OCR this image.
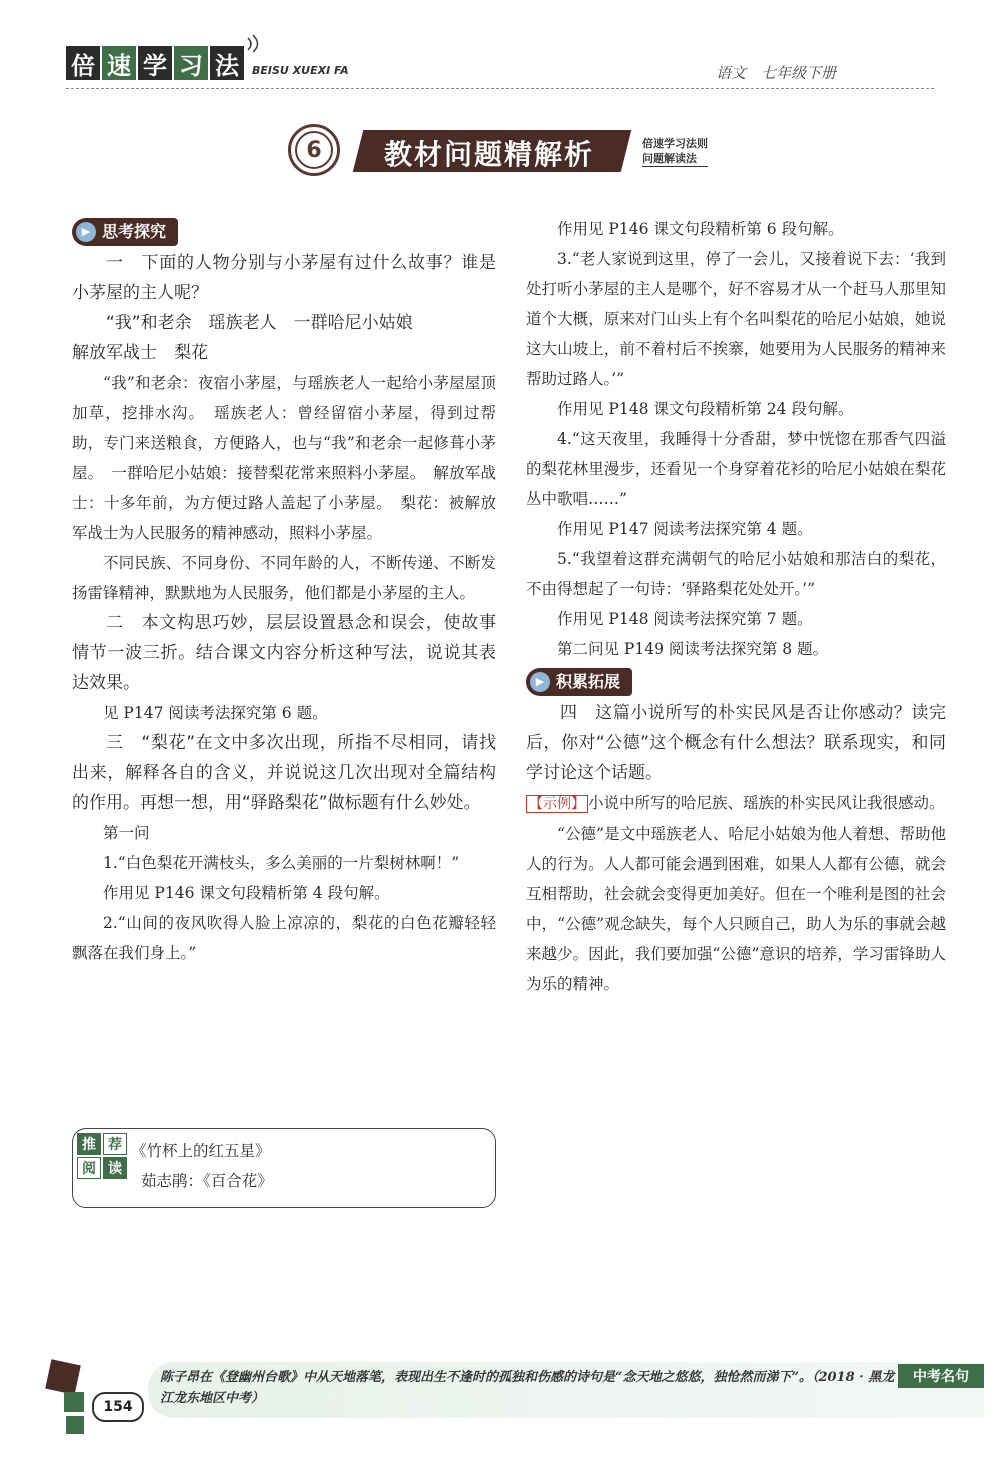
倍 速 学 习 法	BEISU XUEXI FA	语文　七年级下册
6	教材问题精解析	倍速学习法则
问题解读法
▶ 思考探究

一　下面的人物分别与小茅屋有过什么故事？谁是小茅屋的主人呢？

“我”和老余　瑶族老人　一群哈尼小姑娘

解放军战士　梨花

“我”和老余：夜宿小茅屋，与瑶族老人一起给小茅屋屋顶加草，挖排水沟。　瑶族老人：曾经留宿小茅屋，得到过帮助，专门来送粮食，方便路人，也与“我”和老余一起修葺小茅屋。　一群哈尼小姑娘：接替梨花常来照料小茅屋。　解放军战士：十多年前，为方便过路人盖起了小茅屋。　梨花：被解放军战士为人民服务的精神感动，照料小茅屋。

不同民族、不同身份、不同年龄的人，不断传递、不断发扬雷锋精神，默默地为人民服务，他们都是小茅屋的主人。

二　本文构思巧妙，层层设置悬念和误会，使故事情节一波三折。结合课文内容分析这种写法，说说其表达效果。

见 P147 阅读考法探究第 6 题。

三　“梨花”在文中多次出现，所指不尽相同，请找出来，解释各自的含义，并说说这几次出现对全篇结构的作用。再想一想，用“驿路梨花”做标题有什么妙处。

第一问

1.“白色梨花开满枝头，多么美丽的一片梨树林啊！”

作用见 P146 课文句段精析第 4 段句解。

2.“山间的夜风吹得人脸上凉凉的，梨花的白色花瓣轻轻飘落在我们身上。”

推 荐
阅 读
《竹杯上的红五星》
茹志鹃：《百合花》

作用见 P146 课文句段精析第 6 段句解。

3.“老人家说到这里，停了一会儿，又接着说下去：‘我到处打听小茅屋的主人是哪个，好不容易才从一个赶马人那里知道个大概，原来对门山头上有个名叫梨花的哈尼小姑娘，她说这大山坡上，前不着村后不挨寨，她要用为人民服务的精神来帮助过路人。’”

作用见 P148 课文句段精析第 24 段句解。

4.“这天夜里，我睡得十分香甜，梦中恍惚在那香气四溢的梨花林里漫步，还看见一个身穿着花衫的哈尼小姑娘在梨花丛中歌唱……”

作用见 P147 阅读考法探究第 4 题。

5.“我望着这群充满朝气的哈尼小姑娘和那洁白的梨花，不由得想起了一句诗：‘驿路梨花处处开。’”

作用见 P148 阅读考法探究第 7 题。

第二问见 P149 阅读考法探究第 8 题。

▶ 积累拓展

四　这篇小说所写的朴实民风是否让你感动？读完后，你对“公德”这个概念有什么想法？联系现实，和同学讨论这个话题。

【示例】 小说中所写的哈尼族、瑶族的朴实民风让我很感动。

“公德”是文中瑶族老人、哈尼小姑娘为他人着想、帮助他人的行为。人人都可能会遇到困难，如果人人都有公德，就会互相帮助，社会就会变得更加美好。但在一个唯利是图的社会中，“公德”观念缺失，每个人只顾自己，助人为乐的事就会越来越少。因此，我们要加强“公德”意识的培养，学习雷锋助人为乐的精神。

154
陈子昂在《登幽州台歌》中从天地落笔，表现出生不逢时的孤独和伤感的诗句是“念天地之悠悠，独怆然而涕下”。（2018 · 黑龙江龙东地区中考）
中考名句
